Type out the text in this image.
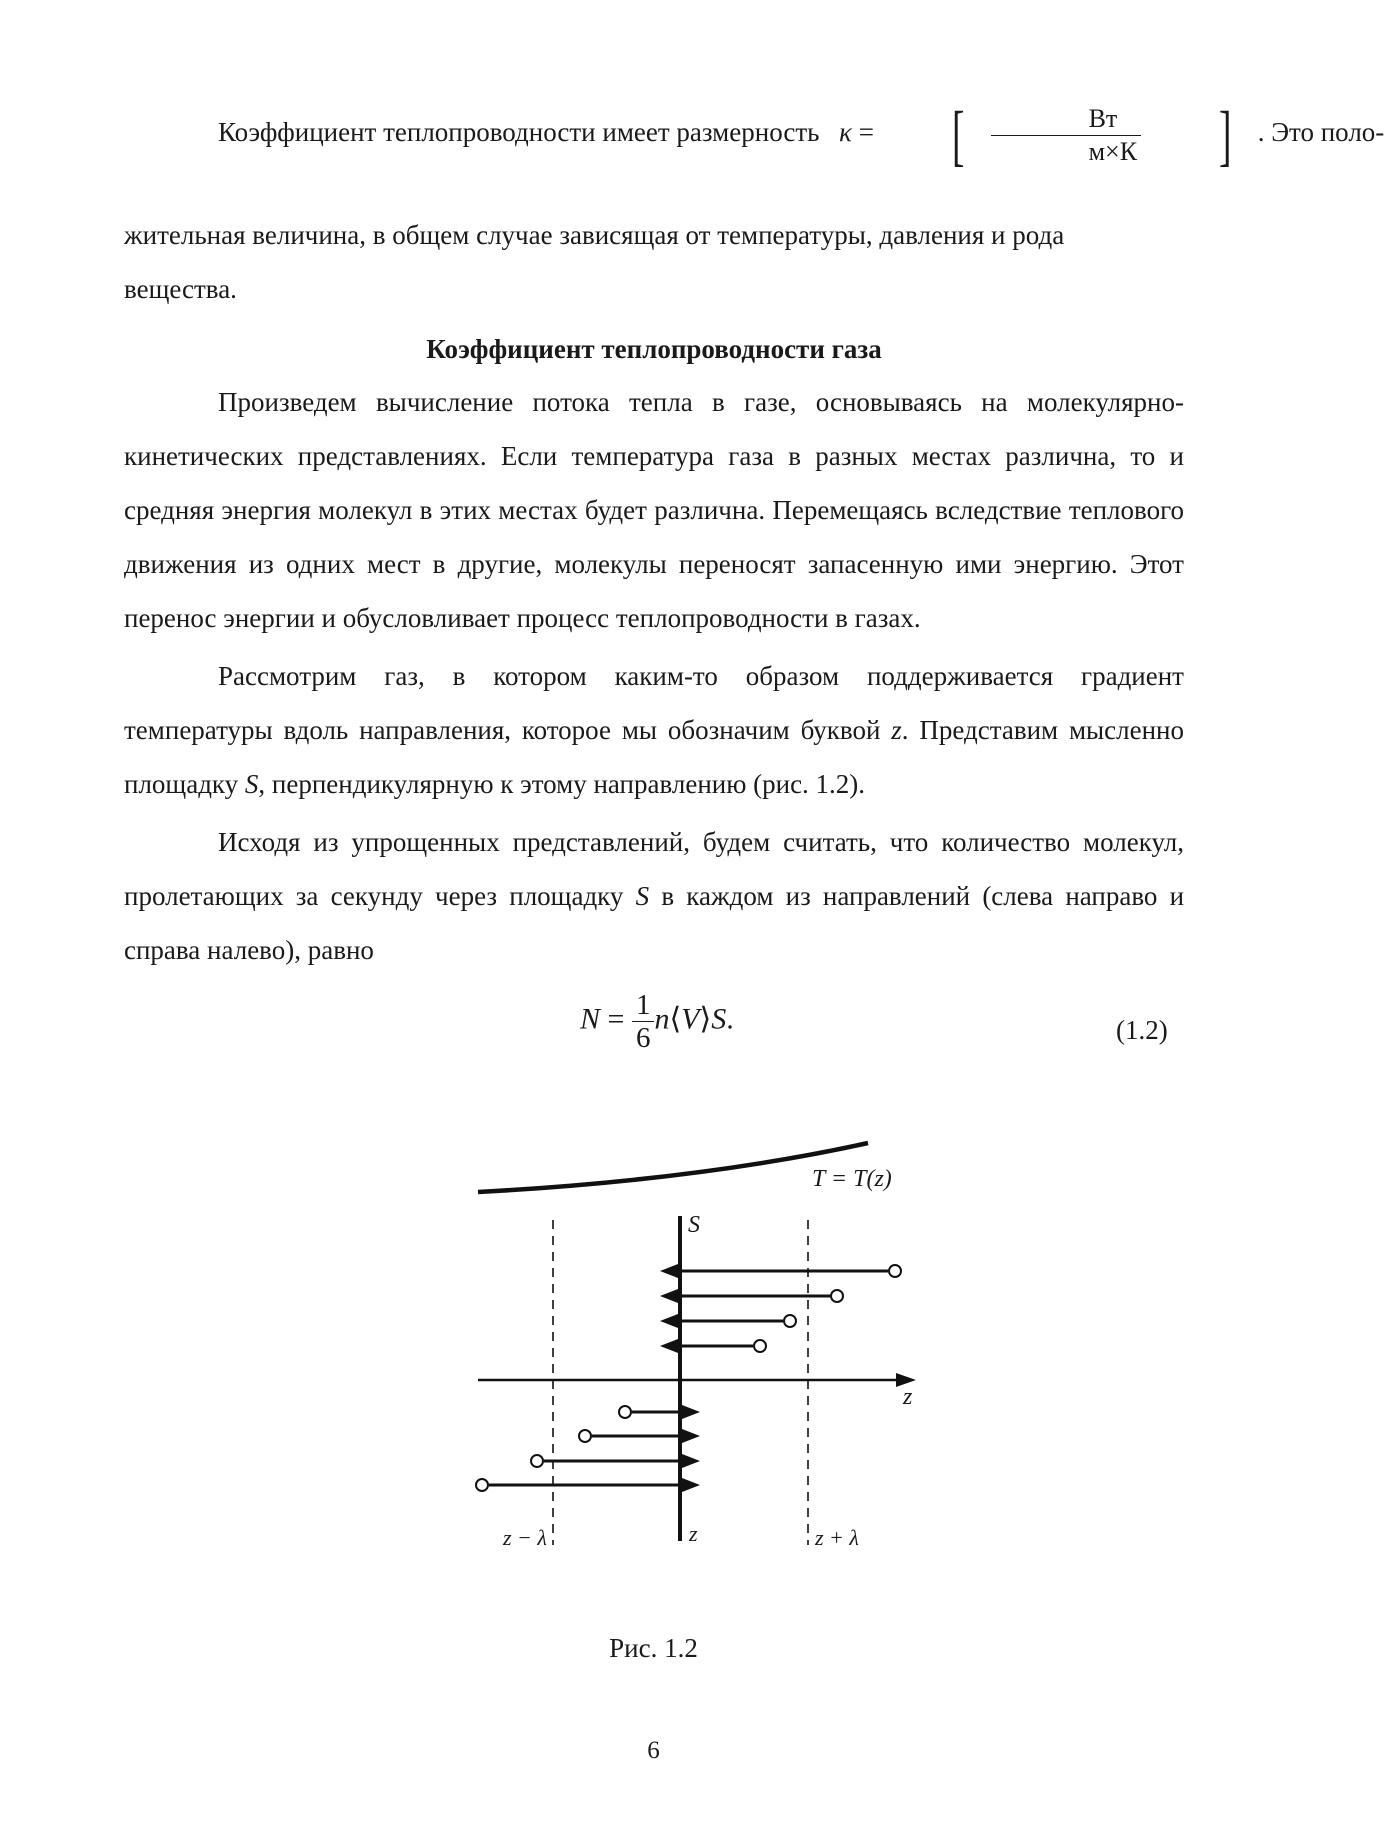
Коэффициент теплопроводности имеет размерность κ = [ $\frac{Вт}{м\times К}$ ] . Это поло-
жительная величина, в общем случае зависящая от температуры, давления и рода
вещества.
Коэффициент теплопроводности газа

Произведем вычисление потока тепла в газе, основываясь на молекулярно-кинетических представлениях. Если температура газа в разных местах различна, то и средняя энергия молекул в этих местах будет различна. Перемещаясь вследствие теплового движения из одних мест в другие, молекулы переносят запасенную ими энергию. Этот перенос энергии и обусловливает процесс теплопроводности в газах.

Рассмотрим газ, в котором каким-то образом поддерживается градиент температуры вдоль направления, которое мы обозначим буквой z. Представим мысленно площадку S, перпендикулярную к этому направлению (рис. 1.2).

Исходя из упрощенных представлений, будем считать, что количество молекул, пролетающих за секунду через площадку S в каждом из направлений (слева направо и справа налево), равно

$N = \frac{1}{6}$ n⟨V⟩S.	(1.2)
T = T(z)
S
z
z − λ	z	z + λ
Рис. 1.2
6
